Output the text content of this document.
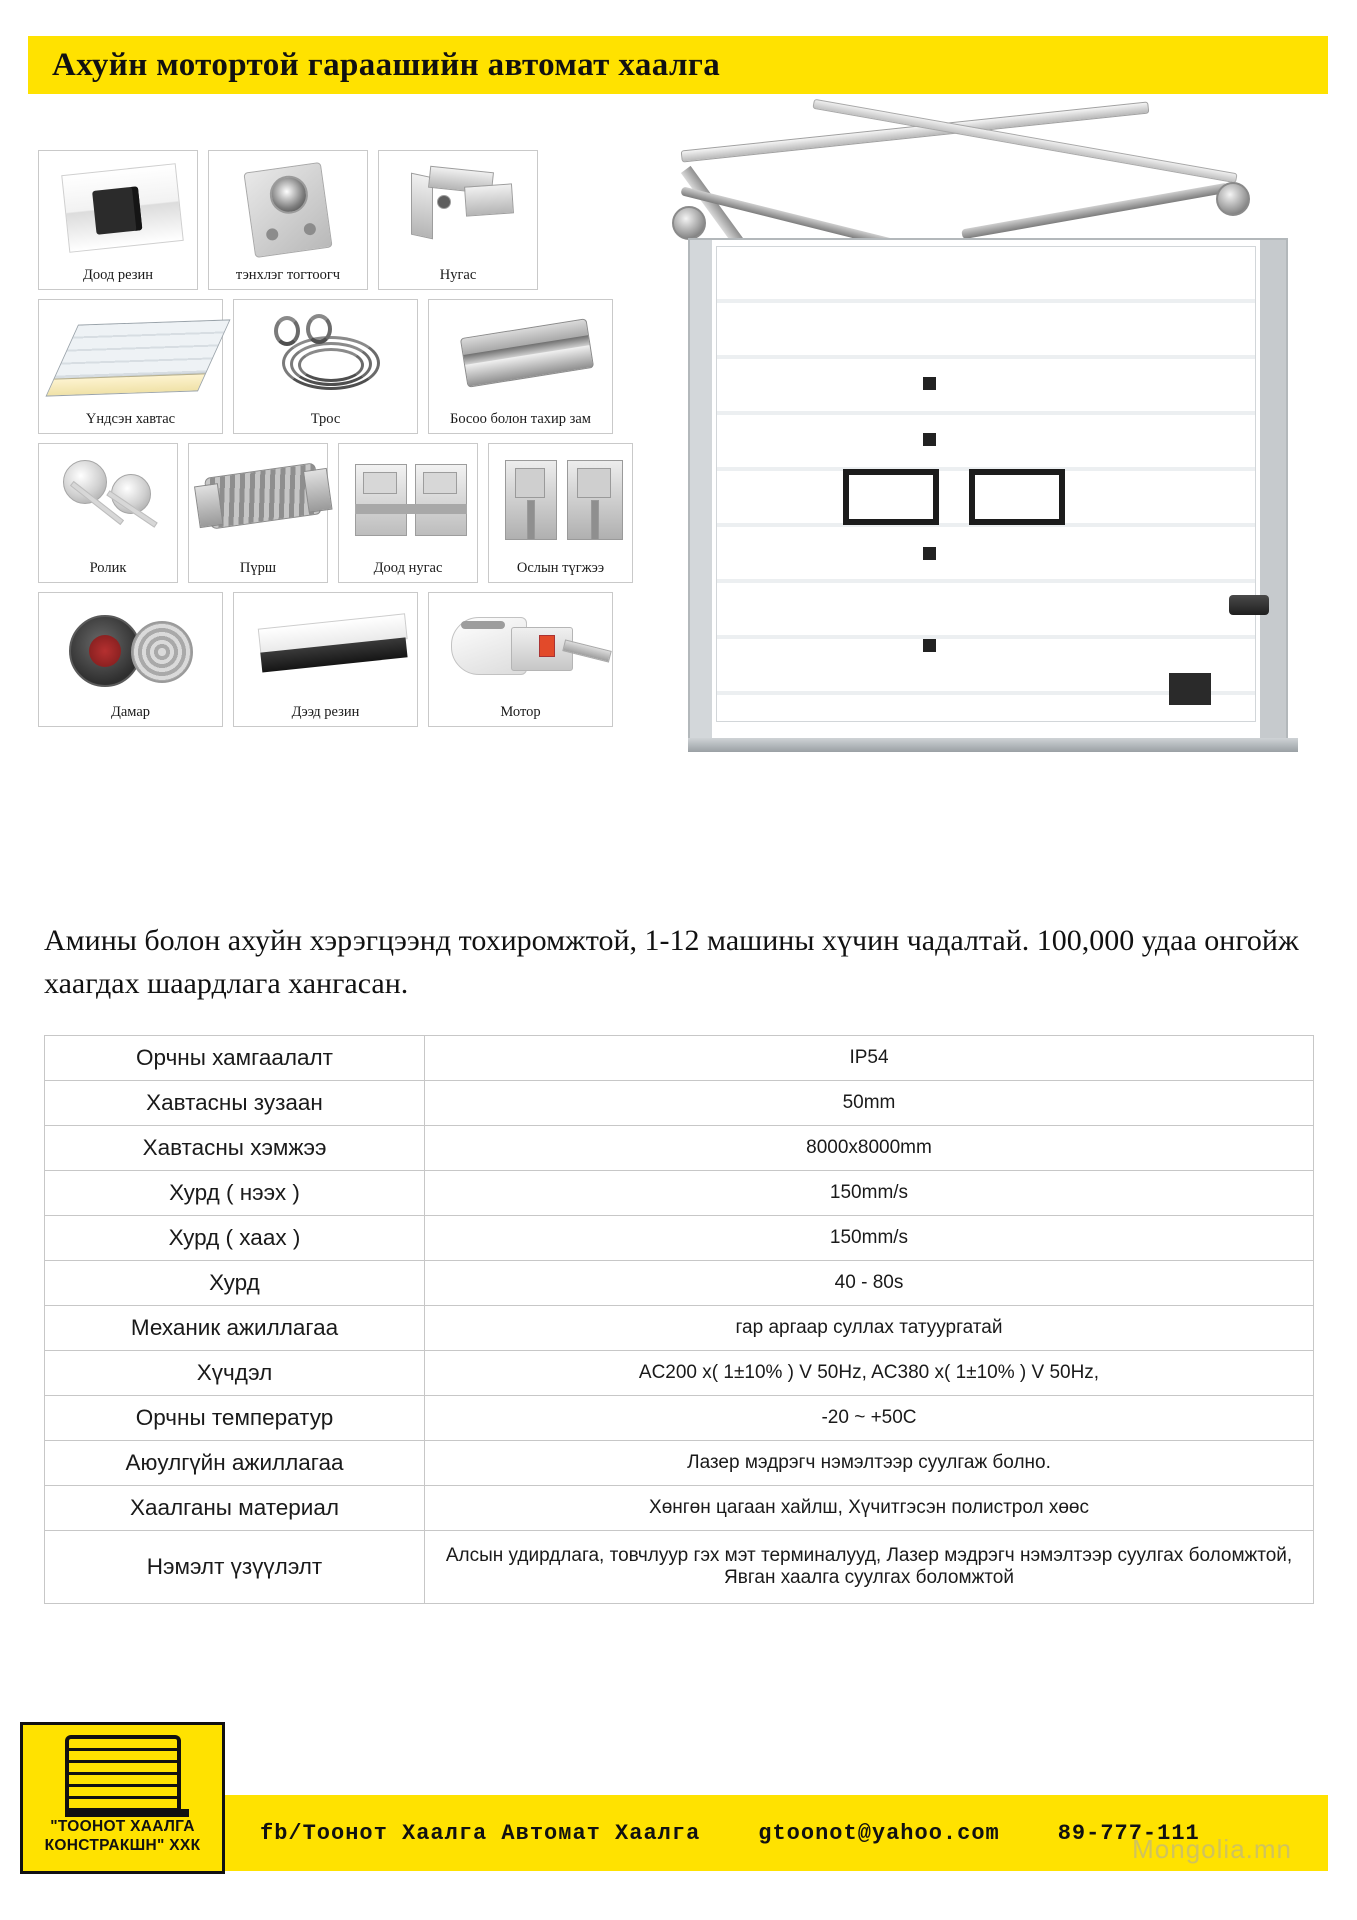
Ахуйн мотортой гараашийн автомат хаалга
Доод резин	тэнхлэг тогтоогч	Нугас
Үндсэн хавтас	Трос	Босоо болон тахир зам
Ролик	Пүрш	Доод нугас	Ослын түгжээ
Дамар	Дээд резин	Мотор
Амины болон ахуйн хэрэгцээнд тохиромжтой, 1-12 машины хүчин чадалтай. 100,000 удаа онгойж хаагдах шаардлага хангасан.
Орчны хамгаалалт	IP54
Хавтасны зузаан	50mm
Хавтасны хэмжээ	8000x8000mm
Хурд ( нээх )	150mm/s
Хурд ( хаах )	150mm/s
Хурд	40 - 80s
Механик ажиллагаа	гар аргаар суллах татуургатай
Хүчдэл	AC200 x( 1±10% ) V 50Hz, AC380 x( 1±10% ) V 50Hz,
Орчны температур	-20 ~ +50C
Аюулгүйн ажиллагаа	Лазер мэдрэгч нэмэлтээр суулгаж болно.
Хаалганы материал	Хөнгөн цагаан хайлш, Хүчитгэсэн полистрол хөөс
Нэмэлт үзүүлэлт	Алсын удирдлага, товчлуур гэх мэт терминалууд, Лазер мэдрэгч нэмэлтээр суулгах боломжтой, Явган хаалга суулгах боломжтой
fb/Тоонот Хаалга Автомат Хаалга	gtoonot@yahoo.com	89-777-111
Mongolia.mn
"ТООНОТ ХААЛГА
КОНСТРАКШН" ХХК
